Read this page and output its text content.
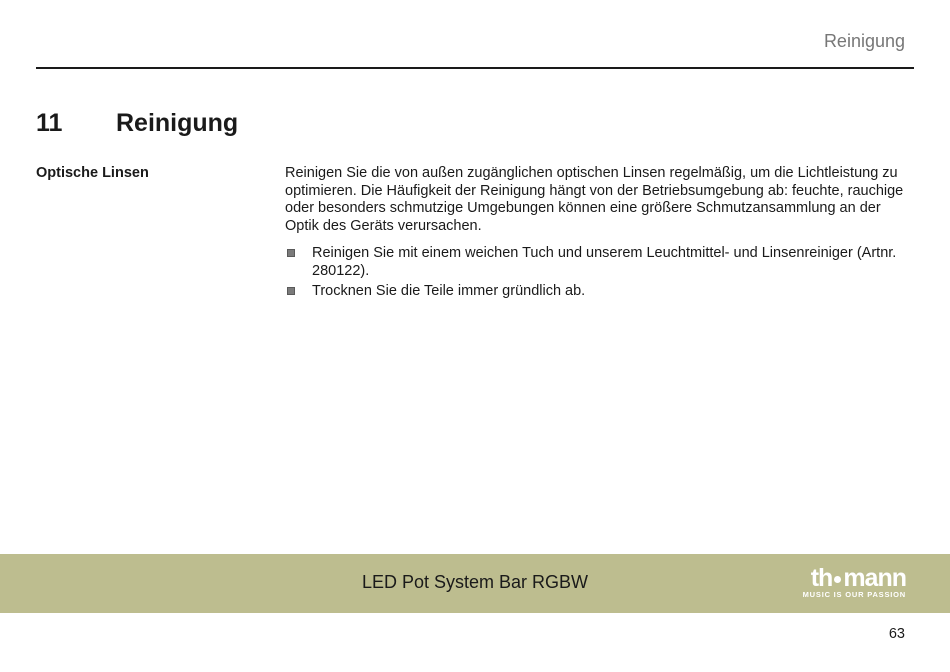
Reinigung
11 Reinigung
Optische Linsen	Reinigen Sie die von außen zugänglichen optischen Linsen regelmäßig, um die Lichtleistung zu optimieren. Die Häufigkeit der Reinigung hängt von der Betriebsumgebung ab: feuchte, rauchige oder besonders schmutzige Umgebungen können eine größere Schmutzansammlung an der Optik des Geräts verursachen.

Reinigen Sie mit einem weichen Tuch und unserem Leuchtmittel- und Linsenreiniger (Artnr. 280122).
Trocknen Sie die Teile immer gründlich ab.
LED Pot System Bar RGBW	th mann
MUSIC IS OUR PASSION
63
